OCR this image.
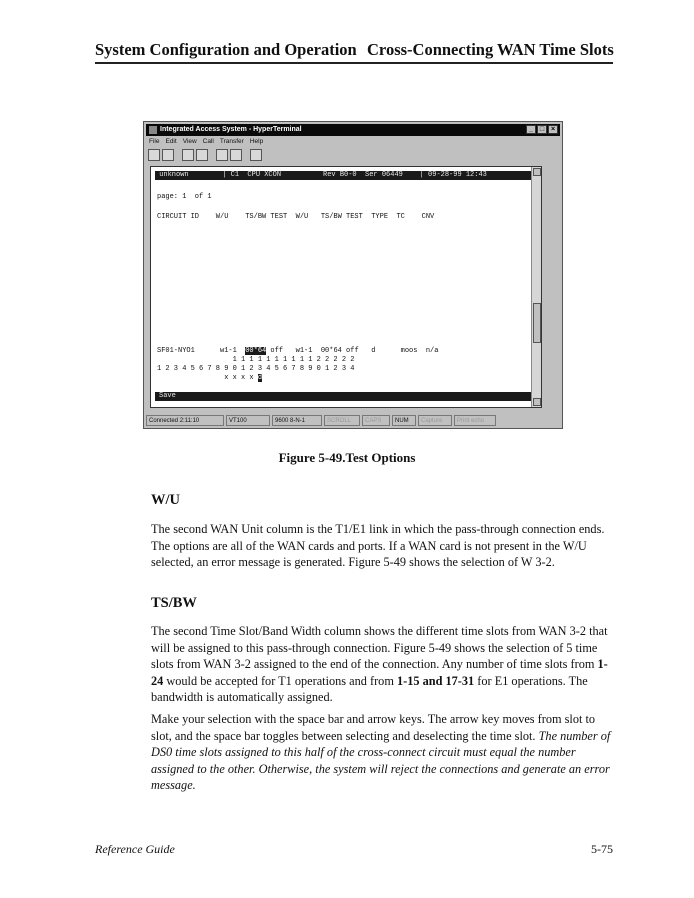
System Configuration and Operation Cross-Connecting WAN Time Slots
Integrated Access System - HyperTerminal	_ □ ×
File Edit View Call Transfer Help
unknown        | C1  CPU XCON          Rev B0-0  Ser 06449    | 09-28-99 12:43
page: 1  of 1
CIRCUIT ID    W/U    TS/BW TEST  W/U   TS/BW TEST  TYPE  TC    CNV
SF01-NYO1      w1-1  00*64 off   w1-1  00*64 off   d      moos  n/a
1 1 1 1 1 1 1 1 1 1 2 2 2 2 2
1 2 3 4 5 6 7 8 9 0 1 2 3 4 5 6 7 8 9 0 1 2 3 4
x x x x d
Save
Connected 2:11:10	VT100	9600 8-N-1	SCROLL	CAPS	NUM	Capture	Print echo
Figure 5-49.Test Options
W/U
The second WAN Unit column is the T1/E1 link in which the pass-through connection ends. The options are all of the WAN cards and ports. If a WAN card is not present in the W/U selected, an error message is generated. Figure 5-49 shows the selection of W 3-2.
TS/BW
The second Time Slot/Band Width column shows the different time slots from WAN 3-2 that will be assigned to this pass-through connection. Figure 5-49 shows the selection of 5 time slots from WAN 3-2 assigned to the end of the connection. Any number of time slots from 1-24 would be accepted for T1 operations and from 1-15 and 17-31 for E1 operations. The bandwidth is automatically assigned.
Make your selection with the space bar and arrow keys. The arrow key moves from slot to slot, and the space bar toggles between selecting and deselecting the time slot. The number of DS0 time slots assigned to this half of the cross-connect circuit must equal the number assigned to the other. Otherwise, the system will reject the connections and generate an error message.
Reference Guide	5-75
